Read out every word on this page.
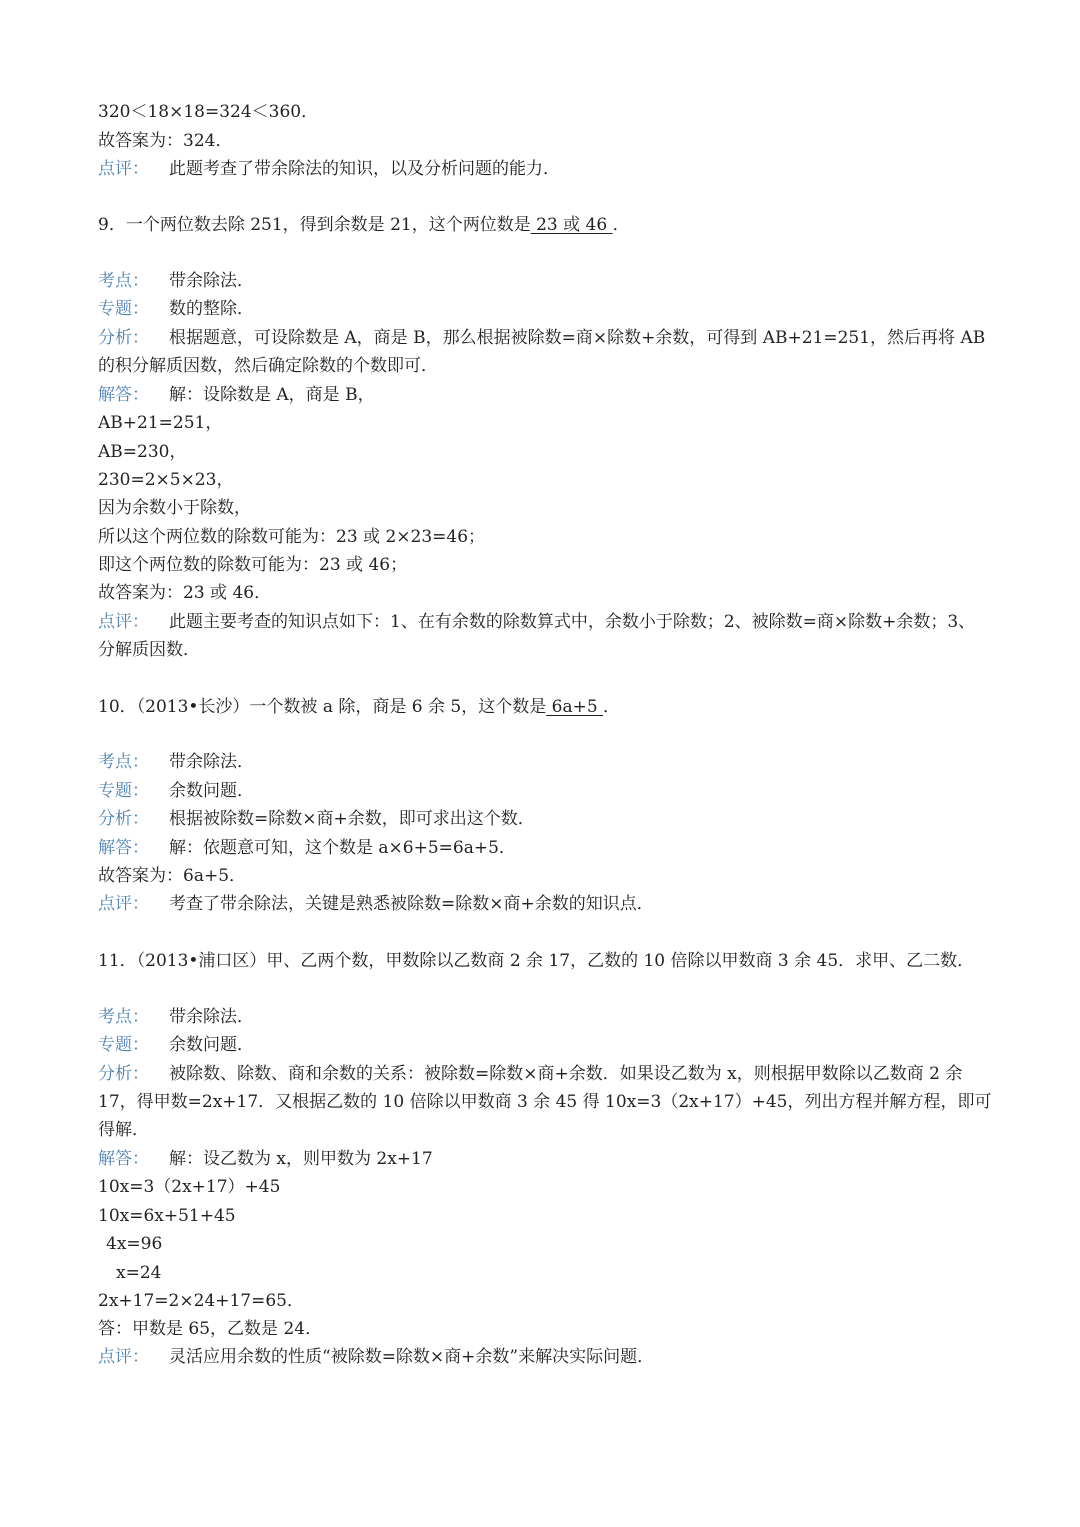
320＜18×18=324＜360．
故答案为：324．
点评： 此题考查了带余除法的知识，以及分析问题的能力．
9．一个两位数去除 251，得到余数是 21，这个两位数是 23 或 46 ．
考点： 带余除法．
专题： 数的整除．
分析： 根据题意，可设除数是 A，商是 B，那么根据被除数=商×除数+余数，可得到 AB+21=251，然后再将 AB
的积分解质因数，然后确定除数的个数即可．
解答： 解：设除数是 A，商是 B，
AB+21=251，
AB=230，
230=2×5×23，
因为余数小于除数，
所以这个两位数的除数可能为：23 或 2×23=46；
即这个两位数的除数可能为：23 或 46；
故答案为：23 或 46．
点评： 此题主要考查的知识点如下：1、在有余数的除数算式中，余数小于除数；2、被除数=商×除数+余数；3、
分解质因数．
10．（2013•长沙）一个数被 a 除，商是 6 余 5，这个数是 6a+5 ．
考点： 带余除法．
专题： 余数问题．
分析： 根据被除数=除数×商+余数，即可求出这个数．
解答： 解：依题意可知，这个数是 a×6+5=6a+5．
故答案为：6a+5．
点评： 考查了带余除法，关键是熟悉被除数=除数×商+余数的知识点．
11．（2013•浦口区）甲、乙两个数，甲数除以乙数商 2 余 17，乙数的 10 倍除以甲数商 3 余 45．求甲、乙二数．
考点： 带余除法．
专题： 余数问题．
分析： 被除数、除数、商和余数的关系：被除数=除数×商+余数．如果设乙数为 x，则根据甲数除以乙数商 2 余
17，得甲数=2x+17．又根据乙数的 10 倍除以甲数商 3 余 45 得 10x=3（2x+17）+45，列出方程并解方程，即可
得解．
解答： 解：设乙数为 x，则甲数为 2x+17
10x=3（2x+17）+45
10x=6x+51+45
4x=96
x=24
2x+17=2×24+17=65．
答：甲数是 65，乙数是 24．
点评： 灵活应用余数的性质“被除数=除数×商+余数”来解决实际问题．
